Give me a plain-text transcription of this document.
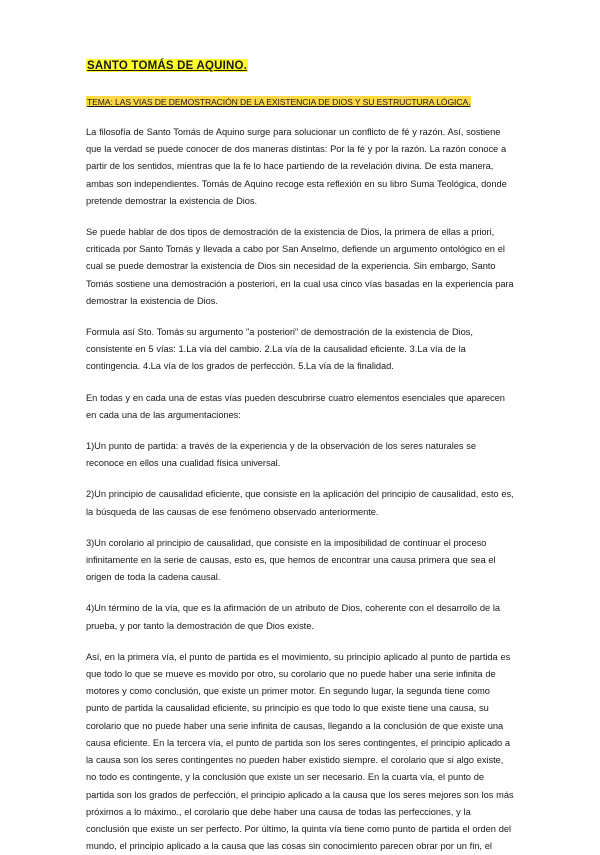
SANTO TOMÁS DE AQUINO.
TEMA: LAS VIAS DE DEMOSTRACIÓN DE LA EXISTENCIA DE DIOS Y SU ESTRUCTURA LÓGICA.

La filosofía de Santo Tomás de Aquino surge para solucionar un conflicto de fé y razón. Así, sostiene que la verdad se puede conocer de dos maneras distintas: Por la fé y por la razón. La razón conoce a partir de los sentidos, mientras que la fe lo hace partiendo de la revelación divina. De esta manera, ambas son independientes. Tomás de Aquino recoge esta reflexión en su libro Suma Teológica, donde pretende demostrar la existencia de Dios.

Se puede hablar de dos tipos de demostración de la existencia de Dios, la primera de ellas a priori, criticada por Santo Tomás y llevada a cabo por San Anselmo, defiende un argumento ontológico en el cual se puede demostrar la existencia de Dios sin necesidad de la experiencia. Sin embargo, Santo Tomás sostiene una demostración a posteriori, en la cual usa cinco vías basadas en la experiencia para demostrar la existencia de Dios.

Formula así Sto. Tomás su argumento "a posteriori" de demostración de la existencia de Dios, consistente en 5 vías: 1.La vía del cambio. 2.La vía de la causalidad eficiente. 3.La vía de la contingencia. 4.La vía de los grados de perfección. 5.La vía de la finalidad.

En todas y en cada una de estas vías pueden descubrirse cuatro elementos esenciales que aparecen en cada una de las argumentaciones:

1)Un punto de partida: a través de la experiencia y de la observación de los seres naturales se reconoce en ellos una cualidad física universal.

2)Un principio de causalidad eficiente, que consiste en la aplicación del principio de causalidad, esto es, la búsqueda de las causas de ese fenómeno observado anteriormente.

3)Un corolario al principio de causalidad, que consiste en la imposibilidad de continuar el proceso infinitamente en la serie de causas, esto es, que hemos de encontrar una causa primera que sea el origen de toda la cadena causal.

4)Un término de la vía, que es la afirmación de un atributo de Dios, coherente con el desarrollo de la prueba, y por tanto la demostración de que Dios existe.

Así, en la primera vía, el punto de partida es el movimiento, su principio aplicado al punto de partida es que todo lo que se mueve es movido por otro, su corolario que no puede haber una serie infinita de motores y como conclusión, que existe un primer motor. En segundo lugar, la segunda tiene como punto de partida la causalidad eficiente, su principio es que todo lo que existe tiene una causa, su corolario que no puede haber una serie infinita de causas, llegando a la conclusión de que existe una causa eficiente. En la tercera vía, el punto de partida son los seres contingentes, el principio aplicado a la causa son los seres contingentes no pueden haber existido siempre. el corolario que si algo existe, no todo es contingente, y la conclusión que existe un ser necesario. En la cuarta vía, el punto de partida son los grados de perfección, el principio aplicado a la causa que los seres mejores son los más próximos a lo máximo., el corolario que debe haber una causa de todas las perfecciones, y la conclusión que existe un ser perfecto. Por último, la quinta vía tiene como punto de partida el orden del mundo, el principio aplicado a la causa que las cosas sin conocimiento parecen obrar por un fin, el
